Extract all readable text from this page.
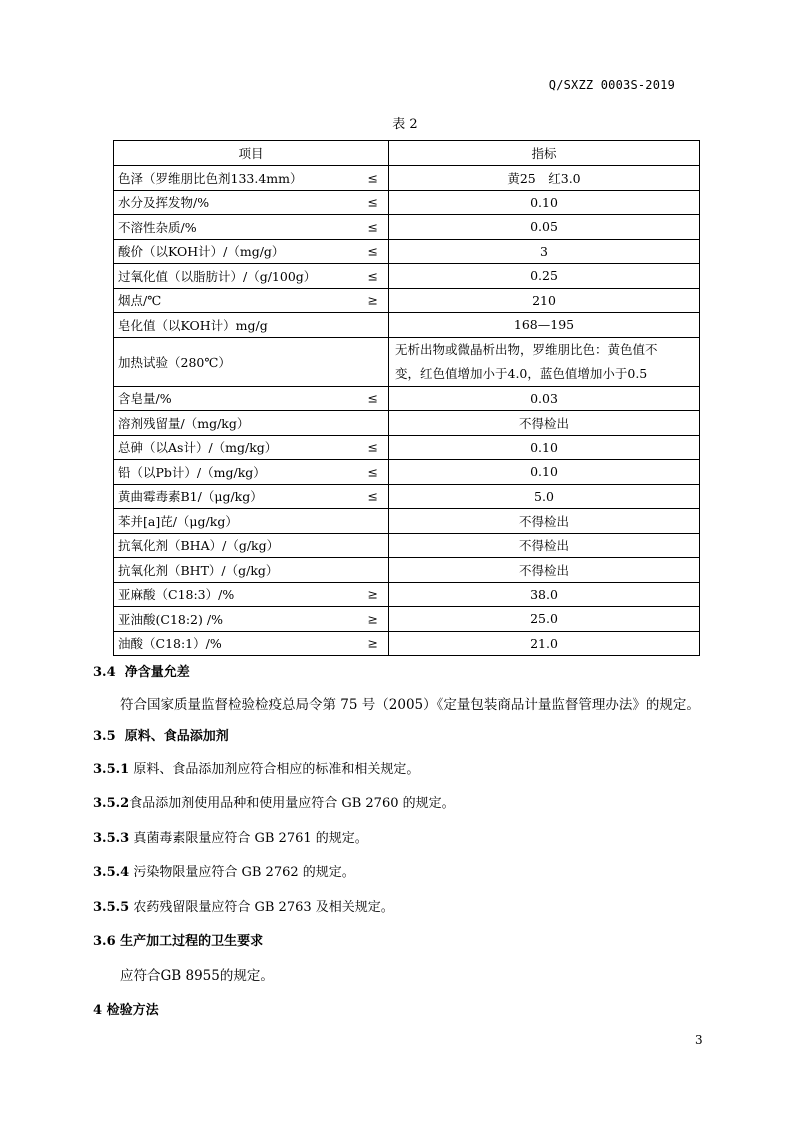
Q/SXZZ 0003S-2019
表 2
项目	指标
色泽（罗维朋比色剂133.4mm） ≤	黄25　红3.0
水分及挥发物/% ≤	0.10
不溶性杂质/% ≤	0.05
酸价（以KOH计）/（mg/g） ≤	3
过氧化值（以脂肪计）/（g/100g） ≤	0.25
烟点/℃ ≥	210
皂化值（以KOH计）mg/g	168—195
加热试验（280℃）	无析出物或微晶析出物，罗维朋比色：黄色值不
变，红色值增加小于4.0，蓝色值增加小于0.5

含皂量/% ≤	0.03
溶剂残留量/（mg/kg）	不得检出
总砷（以As计）/（mg/kg） ≤	0.10
铅（以Pb计）/（mg/kg） ≤	0.10
黄曲霉毒素B1/（μg/kg） ≤	5.0
苯并[a]芘/（μg/kg）	不得检出
抗氧化剂（BHA）/（g/kg）	不得检出
抗氧化剂（BHT）/（g/kg）	不得检出
亚麻酸（C18:3）/% ≥	38.0
亚油酸(C18:2) /% ≥	25.0
油酸（C18:1）/% ≥	21.0
3.4 净含量允差
符合国家质量监督检验检疫总局令第 75 号（2005）《定量包装商品计量监督管理办法》的规定。
3.5 原料、食品添加剂
3.5.1 原料、食品添加剂应符合相应的标准和相关规定。
3.5.2食品添加剂使用品种和使用量应符合 GB 2760 的规定。
3.5.3 真菌毒素限量应符合 GB 2761 的规定。
3.5.4 污染物限量应符合 GB 2762 的规定。
3.5.5 农药残留限量应符合 GB 2763 及相关规定。
3.6 生产加工过程的卫生要求
应符合GB 8955的规定。
4 检验方法
3
